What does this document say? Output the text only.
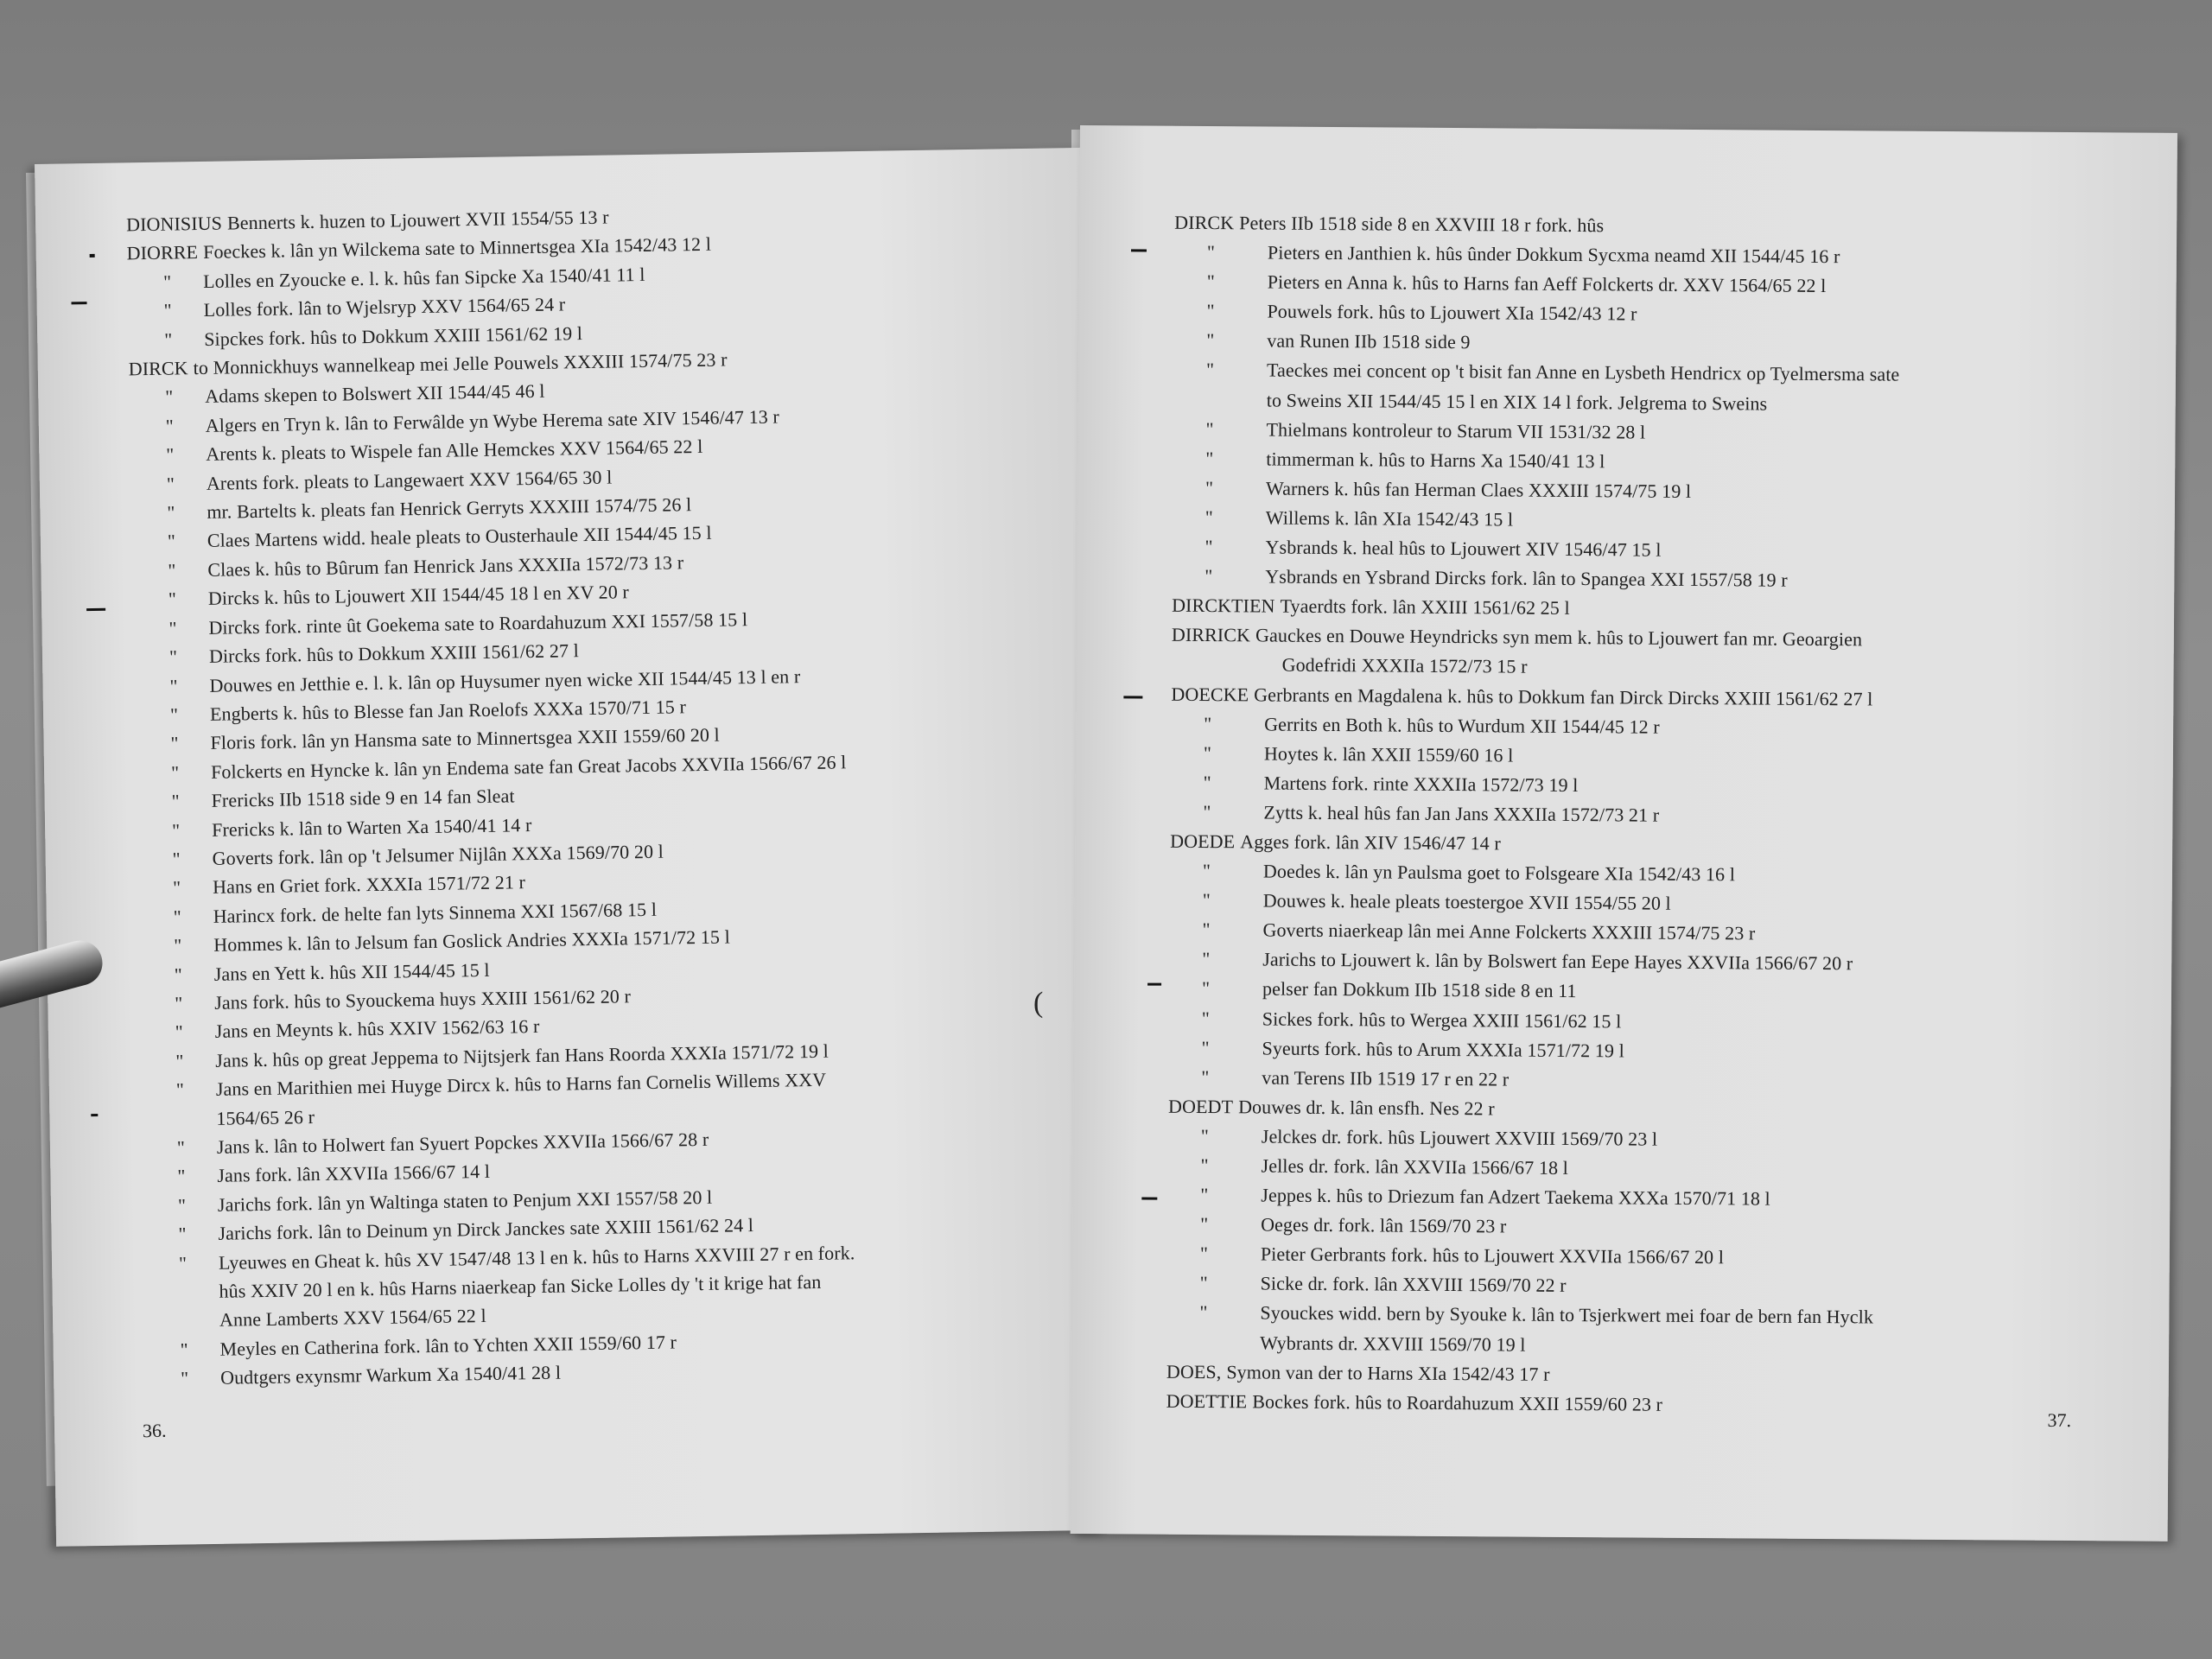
DIONISIUS Bennerts k. huzen to Ljouwert XVII 1554/55 13 r
DIORRE Foeckes k. lân yn Wilckema sate to Minnertsgea XIa 1542/43 12 l
"	Lolles en Zyoucke e. l. k. hûs fan Sipcke Xa 1540/41 11 l
"	Lolles fork. lân to Wjelsryp XXV 1564/65 24 r
"	Sipckes fork. hûs to Dokkum XXIII 1561/62 19 l
DIRCK to Monnickhuys wannelkeap mei Jelle Pouwels XXXIII 1574/75 23 r
"	Adams skepen to Bolswert XII 1544/45 46 l
"	Algers en Tryn k. lân to Ferwâlde yn Wybe Herema sate XIV 1546/47 13 r
"	Arents k. pleats to Wispele fan Alle Hemckes XXV 1564/65 22 l
"	Arents fork. pleats to Langewaert XXV 1564/65 30 l
"	mr. Bartelts k. pleats fan Henrick Gerryts XXXIII 1574/75 26 l
"	Claes Martens widd. heale pleats to Ousterhaule XII 1544/45 15 l
"	Claes k. hûs to Bûrum fan Henrick Jans XXXIIa 1572/73 13 r
"	Dircks k. hûs to Ljouwert XII 1544/45 18 l en XV 20 r
"	Dircks fork. rinte ût Goekema sate to Roardahuzum XXI 1557/58 15 l
"	Dircks fork. hûs to Dokkum XXIII 1561/62 27 l
"	Douwes en Jetthie e. l. k. lân op Huysumer nyen wicke XII 1544/45 13 l en r
"	Engberts k. hûs to Blesse fan Jan Roelofs XXXa 1570/71 15 r
"	Floris fork. lân yn Hansma sate to Minnertsgea XXII 1559/60 20 l
"	Folckerts en Hyncke k. lân yn Endema sate fan Great Jacobs XXVIIa 1566/67 26 l
"	Frericks IIb 1518 side 9 en 14 fan Sleat
"	Frericks k. lân to Warten Xa 1540/41 14 r
"	Goverts fork. lân op 't Jelsumer Nijlân XXXa 1569/70 20 l
"	Hans en Griet fork. XXXIa 1571/72 21 r
"	Harincx fork. de helte fan lyts Sinnema XXI 1567/68 15 l
"	Hommes k. lân to Jelsum fan Goslick Andries XXXIa 1571/72 15 l
"	Jans en Yett k. hûs XII 1544/45 15 l
"	Jans fork. hûs to Syouckema huys XXIII 1561/62 20 r
"	Jans en Meynts k. hûs XXIV 1562/63 16 r
"	Jans k. hûs op great Jeppema to Nijtsjerk fan Hans Roorda XXXIa 1571/72 19 l
"	Jans en Marithien mei Huyge Dircx k. hûs to Harns fan Cornelis Willems XXV
1564/65 26 r
"	Jans k. lân to Holwert fan Syuert Popckes XXVIIa 1566/67 28 r
"	Jans fork. lân XXVIIa 1566/67 14 l
"	Jarichs fork. lân yn Waltinga staten to Penjum XXI 1557/58 20 l
"	Jarichs fork. lân to Deinum yn Dirck Janckes sate XXIII 1561/62 24 l
"	Lyeuwes en Gheat k. hûs XV 1547/48 13 l en k. hûs to Harns XXVIII 27 r en fork.
hûs XXIV 20 l en k. hûs Harns niaerkeap fan Sicke Lolles dy 't it krige hat fan
Anne Lamberts XXV 1564/65 22 l
"	Meyles en Catherina fork. lân to Ychten XXII 1559/60 17 r
"	Oudtgers exynsmr Warkum Xa 1540/41 28 l
36.
DIRCK Peters IIb 1518 side 8 en XXVIII 18 r fork. hûs
"	Pieters en Janthien k. hûs ûnder Dokkum Sycxma neamd XII 1544/45 16 r
"	Pieters en Anna k. hûs to Harns fan Aeff Folckerts dr. XXV 1564/65 22 l
"	Pouwels fork. hûs to Ljouwert XIa 1542/43 12 r
"	van Runen IIb 1518 side 9
"	Taeckes mei concent op 't bisit fan Anne en Lysbeth Hendricx op Tyelmersma sate
to Sweins XII 1544/45 15 l en XIX 14 l fork. Jelgrema to Sweins
"	Thielmans kontroleur to Starum VII 1531/32 28 l
"	timmerman k. hûs to Harns Xa 1540/41 13 l
"	Warners k. hûs fan Herman Claes XXXIII 1574/75 19 l
"	Willems k. lân XIa 1542/43 15 l
"	Ysbrands k. heal hûs to Ljouwert XIV 1546/47 15 l
"	Ysbrands en Ysbrand Dircks fork. lân to Spangea XXI 1557/58 19 r
DIRCKTIEN Tyaerdts fork. lân XXIII 1561/62 25 l
DIRRICK Gauckes en Douwe Heyndricks syn mem k. hûs to Ljouwert fan mr. Geoargien
Godefridi XXXIIa 1572/73 15 r
DOECKE Gerbrants en Magdalena k. hûs to Dokkum fan Dirck Dircks XXIII 1561/62 27 l
"	Gerrits en Both k. hûs to Wurdum XII 1544/45 12 r
"	Hoytes k. lân XXII 1559/60 16 l
"	Martens fork. rinte XXXIIa 1572/73 19 l
"	Zytts k. heal hûs fan Jan Jans XXXIIa 1572/73 21 r
DOEDE Agges fork. lân XIV 1546/47 14 r
"	Doedes k. lân yn Paulsma goet to Folsgeare XIa 1542/43 16 l
"	Douwes k. heale pleats toestergoe XVII 1554/55 20 l
"	Goverts niaerkeap lân mei Anne Folckerts XXXIII 1574/75 23 r
"	Jarichs to Ljouwert k. lân by Bolswert fan Eepe Hayes XXVIIa 1566/67 20 r
"	pelser fan Dokkum IIb 1518 side 8 en 11
"	Sickes fork. hûs to Wergea XXIII 1561/62 15 l
"	Syeurts fork. hûs to Arum XXXIa 1571/72 19 l
"	van Terens IIb 1519 17 r en 22 r
DOEDT Douwes dr. k. lân ensfh. Nes 22 r
"	Jelckes dr. fork. hûs Ljouwert XXVIII 1569/70 23 l
"	Jelles dr. fork. lân XXVIIa 1566/67 18 l
"	Jeppes k. hûs to Driezum fan Adzert Taekema XXXa 1570/71 18 l
"	Oeges dr. fork. lân 1569/70 23 r
"	Pieter Gerbrants fork. hûs to Ljouwert XXVIIa 1566/67 20 l
"	Sicke dr. fork. lân XXVIII 1569/70 22 r
"	Syouckes widd. bern by Syouke k. lân to Tsjerkwert mei foar de bern fan Hyclk
Wybrants dr. XXVIII 1569/70 19 l
DOES, Symon van der to Harns XIa 1542/43 17 r
DOETTIE Bockes fork. hûs to Roardahuzum XXII 1559/60 23 r
37.
(
